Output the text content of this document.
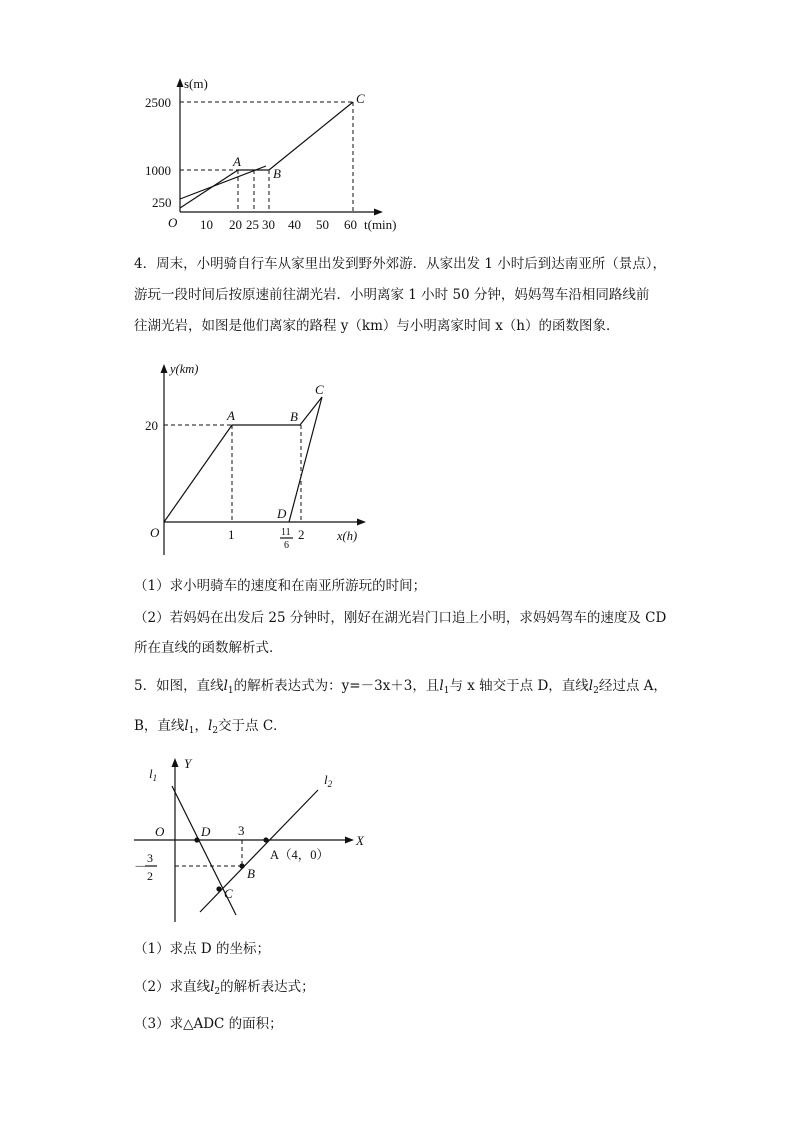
s(m)
t(min)
O
2500
1000
250
10 20 25 30 40 50 60
A
B
C
4．周末，小明骑自行车从家里出发到野外郊游．从家出发 1 小时后到达南亚所（景点），
游玩一段时间后按原速前往湖光岩．小明离家 1 小时 50 分钟，妈妈驾车沿相同路线前
往湖光岩，如图是他们离家的路程 y（km）与小明离家时间 x（h）的函数图象．
y(km)
x(h)
O
20
1	11
6
2
A	B
C
D
（1）求小明骑车的速度和在南亚所游玩的时间；
（2）若妈妈在出发后 25 分钟时，刚好在湖光岩门口追上小明，求妈妈驾车的速度及 CD
所在直线的函数解析式．
5．如图，直线$l_1$的解析表达式为：y=－3x＋3，且$l_1$与 x 轴交于点 D，直线$l_2$经过点 A，
B，直线$l_1$，$l_2$交于点 C．
Y
X
O
$l_1$	$l_2$
3
－
3
2
D
B
C
A（4，0）
（1）求点 D 的坐标；
（2）求直线$l_2$的解析表达式；
（3）求△ADC 的面积；
